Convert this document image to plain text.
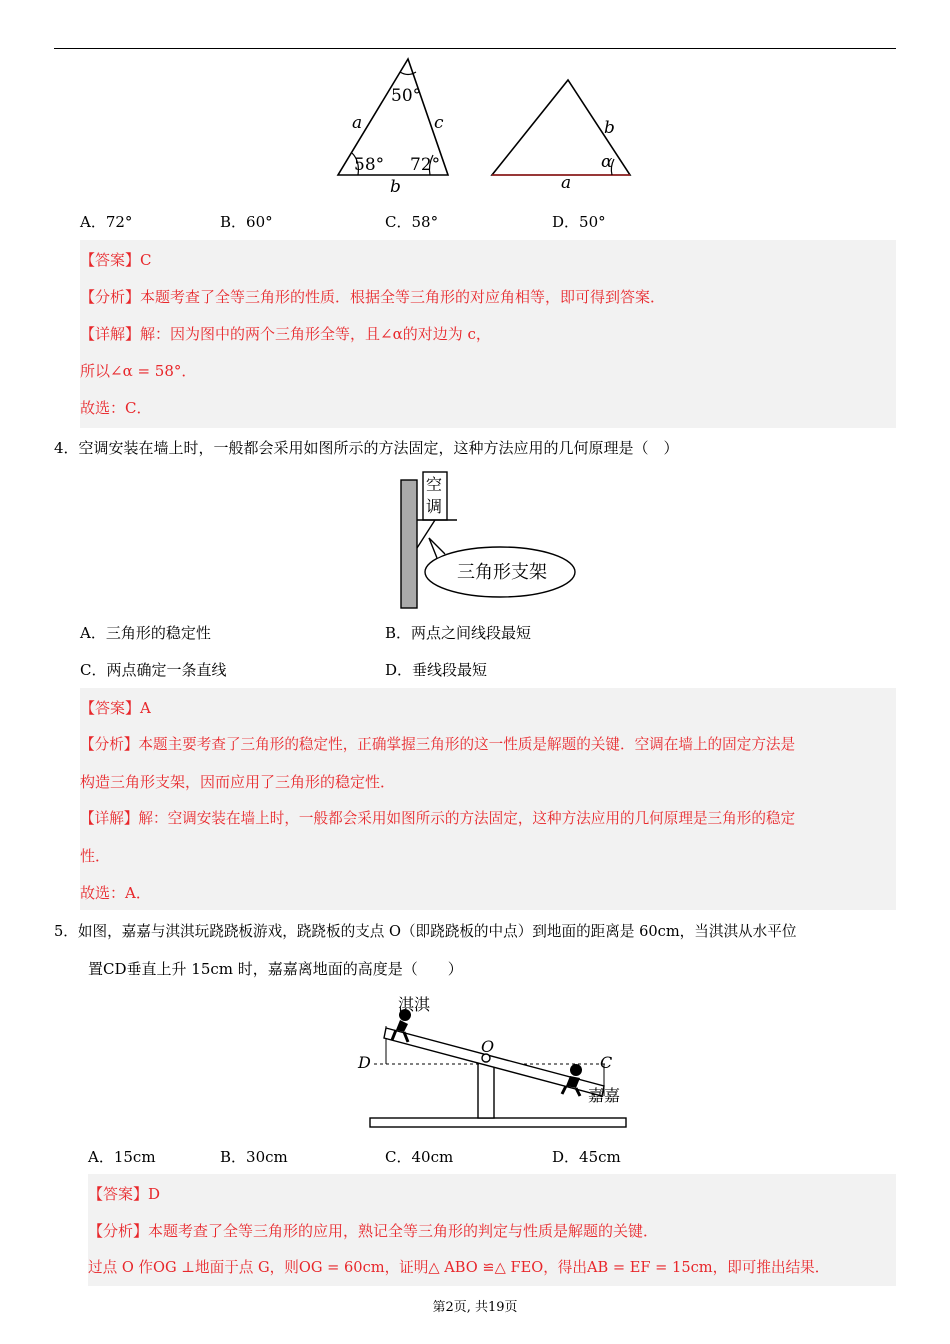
50°
58° 72°
a	c
b
b
a
α
A．72°	B．60°	C．58°	D．50°
【答案】C
【分析】本题考查了全等三角形的性质．根据全等三角形的对应角相等，即可得到答案．
【详解】解：因为图中的两个三角形全等，且∠α的对边为 c，
所以∠α = 58°．
故选：C．
4．空调安装在墙上时，一般都会采用如图所示的方法固定，这种方法应用的几何原理是（　）
空
调
三角形支架
A．三角形的稳定性	B．两点之间线段最短
C．两点确定一条直线	D．垂线段最短
【答案】A
【分析】本题主要考查了三角形的稳定性，正确掌握三角形的这一性质是解题的关键．空调在墙上的固定方法是
构造三角形支架，因而应用了三角形的稳定性．
【详解】解：空调安装在墙上时，一般都会采用如图所示的方法固定，这种方法应用的几何原理是三角形的稳定
性．
故选：A．
5．如图，嘉嘉与淇淇玩跷跷板游戏，跷跷板的支点 O（即跷跷板的中点）到地面的距离是 60cm，当淇淇从水平位
置CD垂直上升 15cm 时，嘉嘉离地面的高度是（　　）
淇淇
嘉嘉
O
D	C
A．15cm	B．30cm	C．40cm	D．45cm
【答案】D
【分析】本题考查了全等三角形的应用，熟记全等三角形的判定与性质是解题的关键．
过点 O 作OG ⊥地面于点 G，则OG = 60cm，证明△ ABO ≌△ FEO，得出AB = EF = 15cm，即可推出结果．
第2页, 共19页
